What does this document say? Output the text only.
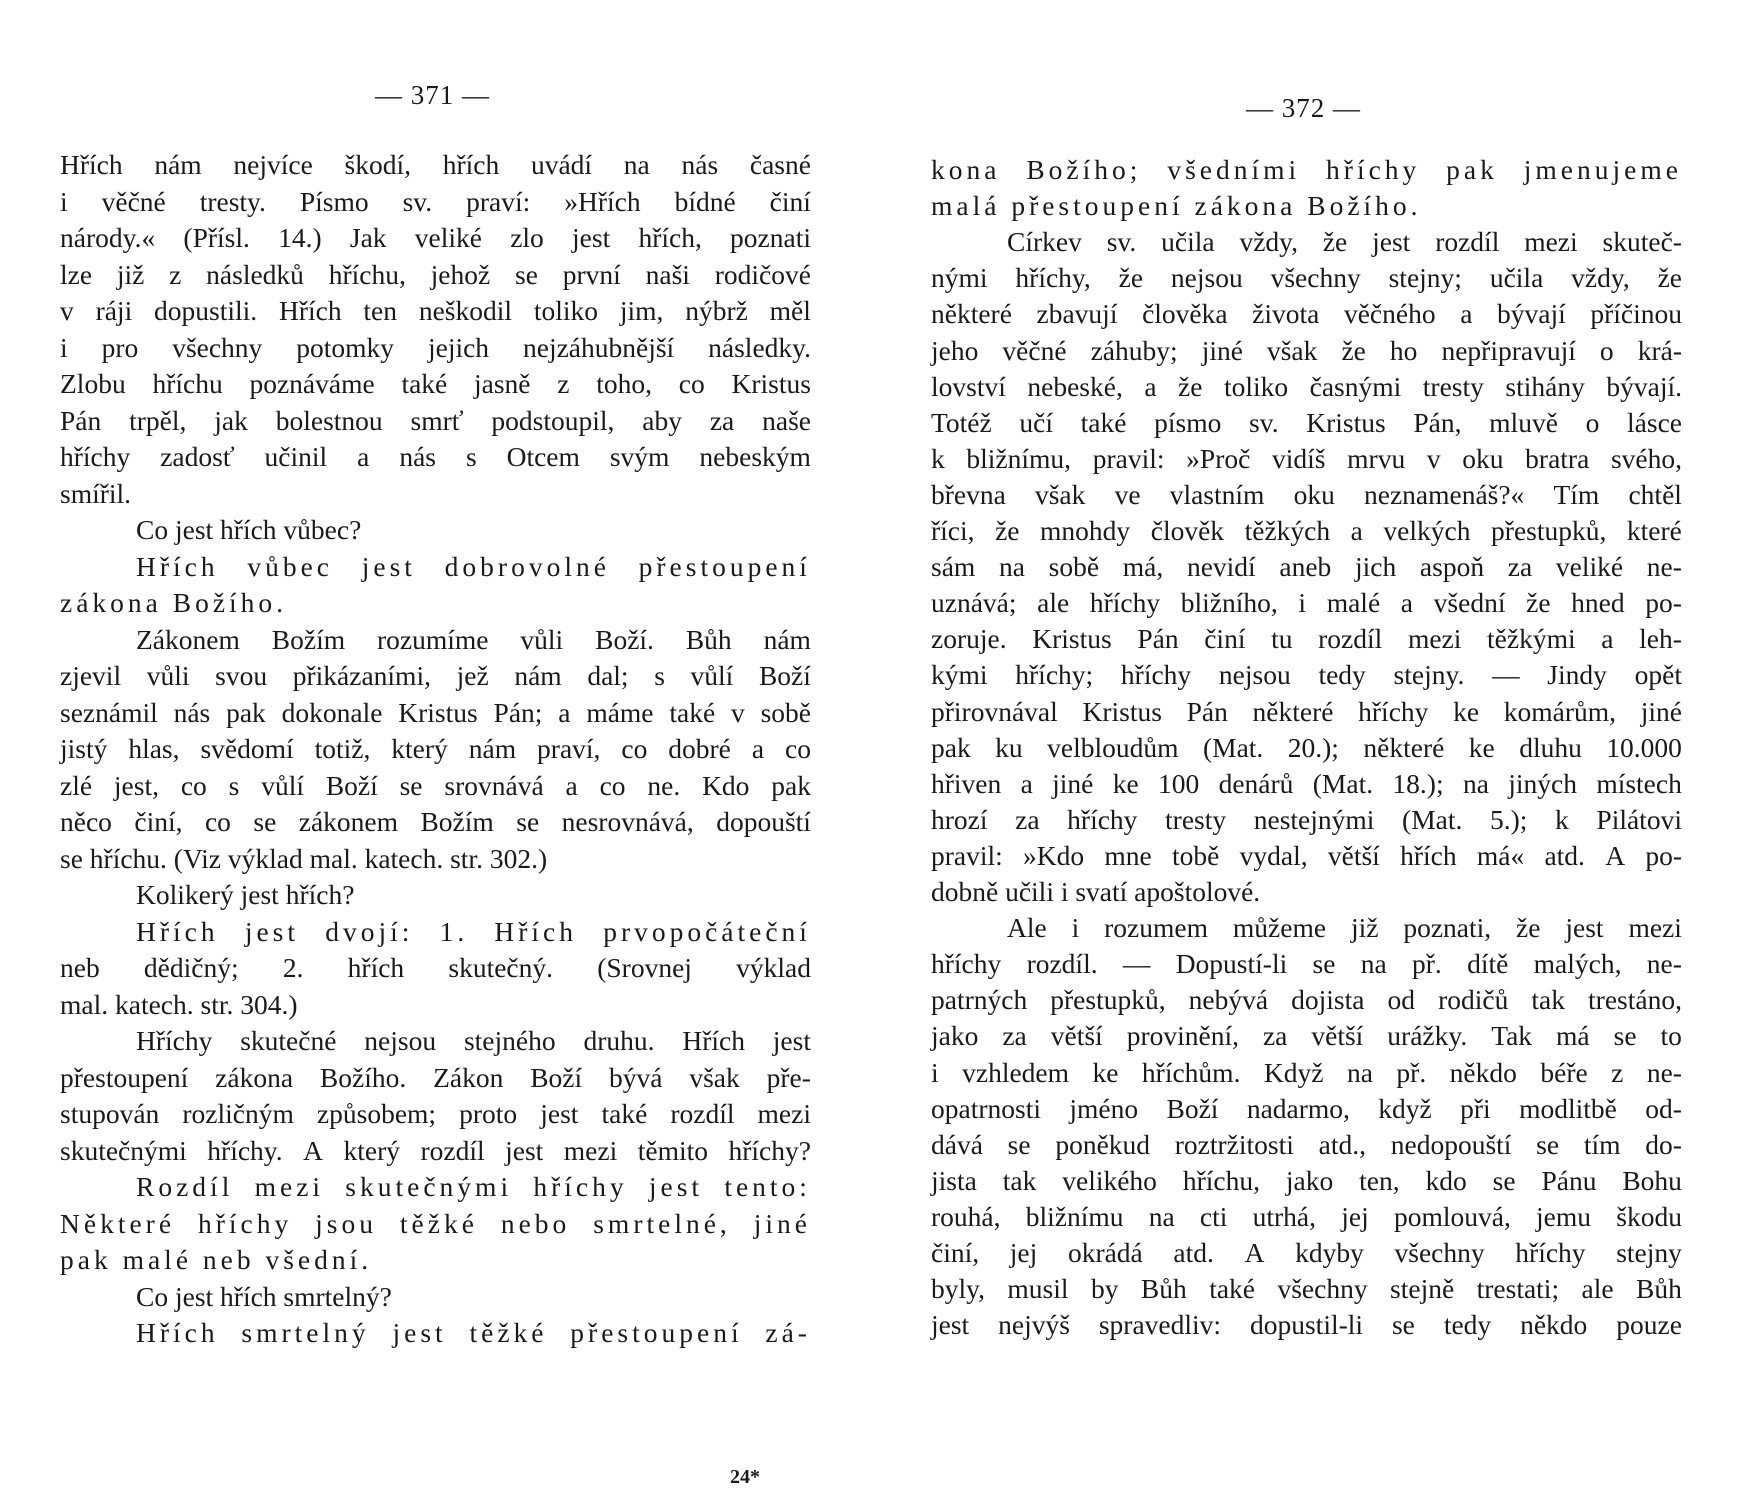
— 371 —
Hřích nám nejvíce škodí, hřích uvádí na nás časné
i věčné tresty. Písmo sv. praví: »Hřích bídné činí
národy.« (Přísl. 14.) Jak veliké zlo jest hřích, poznati
lze již z následků hříchu, jehož se první naši rodičové
v ráji dopustili. Hřích ten neškodil toliko jim, nýbrž měl
i pro všechny potomky jejich nejzáhubnější následky.
Zlobu hříchu poznáváme také jasně z toho, co Kristus
Pán trpěl, jak bolestnou smrť podstoupil, aby za naše
hříchy zadosť učinil a nás s Otcem svým nebeským
smířil.
Co jest hřích vůbec?
Hřích vůbec jest dobrovolné přestoupení
zákona Božího.
Zákonem Božím rozumíme vůli Boží. Bůh nám
zjevil vůli svou přikázaními, jež nám dal; s vůlí Boží
seznámil nás pak dokonale Kristus Pán; a máme také v sobě
jistý hlas, svědomí totiž, který nám praví, co dobré a co
zlé jest, co s vůlí Boží se srovnává a co ne. Kdo pak
něco činí, co se zákonem Božím se nesrovnává, dopouští
se hříchu. (Viz výklad mal. katech. str. 302.)
Kolikerý jest hřích?
Hřích jest dvojí: 1. Hřích prvopočáteční
neb dědičný; 2. hřích skutečný. (Srovnej výklad
mal. katech. str. 304.)
Hříchy skutečné nejsou stejného druhu. Hřích jest
přestoupení zákona Božího. Zákon Boží bývá však pře-
stupován rozličným způsobem; proto jest také rozdíl mezi
skutečnými hříchy. A který rozdíl jest mezi těmito hříchy?
Rozdíl mezi skutečnými hříchy jest tento:
Některé hříchy jsou těžké nebo smrtelné, jiné
pak malé neb všední.
Co jest hřích smrtelný?
Hřích smrtelný jest těžké přestoupení zá-
24*
— 372 —
kona Božího; všedními hříchy pak jmenujeme
malá přestoupení zákona Božího.
Církev sv. učila vždy, že jest rozdíl mezi skuteč-
nými hříchy, že nejsou všechny stejny; učila vždy, že
některé zbavují člověka života věčného a bývají příčinou
jeho věčné záhuby; jiné však že ho nepřipravují o krá-
lovství nebeské, a že toliko časnými tresty stihány bývají.
Totéž učí také písmo sv. Kristus Pán, mluvě o lásce
k bližnímu, pravil: »Proč vidíš mrvu v oku bratra svého,
břevna však ve vlastním oku neznamenáš?« Tím chtěl
říci, že mnohdy člověk těžkých a velkých přestupků, které
sám na sobě má, nevidí aneb jich aspoň za veliké ne-
uznává; ale hříchy bližního, i malé a všední že hned po-
zoruje. Kristus Pán činí tu rozdíl mezi těžkými a leh-
kými hříchy; hříchy nejsou tedy stejny. — Jindy opět
přirovnával Kristus Pán některé hříchy ke komárům, jiné
pak ku velbloudům (Mat. 20.); některé ke dluhu 10.000
hřiven a jiné ke 100 denárů (Mat. 18.); na jiných místech
hrozí za hříchy tresty nestejnými (Mat. 5.); k Pilátovi
pravil: »Kdo mne tobě vydal, větší hřích má« atd. A po-
dobně učili i svatí apoštolové.
Ale i rozumem můžeme již poznati, že jest mezi
hříchy rozdíl. — Dopustí-li se na př. dítě malých, ne-
patrných přestupků, nebývá dojista od rodičů tak trestáno,
jako za větší provinění, za větší urážky. Tak má se to
i vzhledem ke hříchům. Když na př. někdo béře z ne-
opatrnosti jméno Boží nadarmo, když při modlitbě od-
dává se poněkud roztržitosti atd., nedopouští se tím do-
jista tak velikého hříchu, jako ten, kdo se Pánu Bohu
rouhá, bližnímu na cti utrhá, jej pomlouvá, jemu škodu
činí, jej okrádá atd. A kdyby všechny hříchy stejny
byly, musil by Bůh také všechny stejně trestati; ale Bůh
jest nejvýš spravedliv: dopustil-li se tedy někdo pouze
